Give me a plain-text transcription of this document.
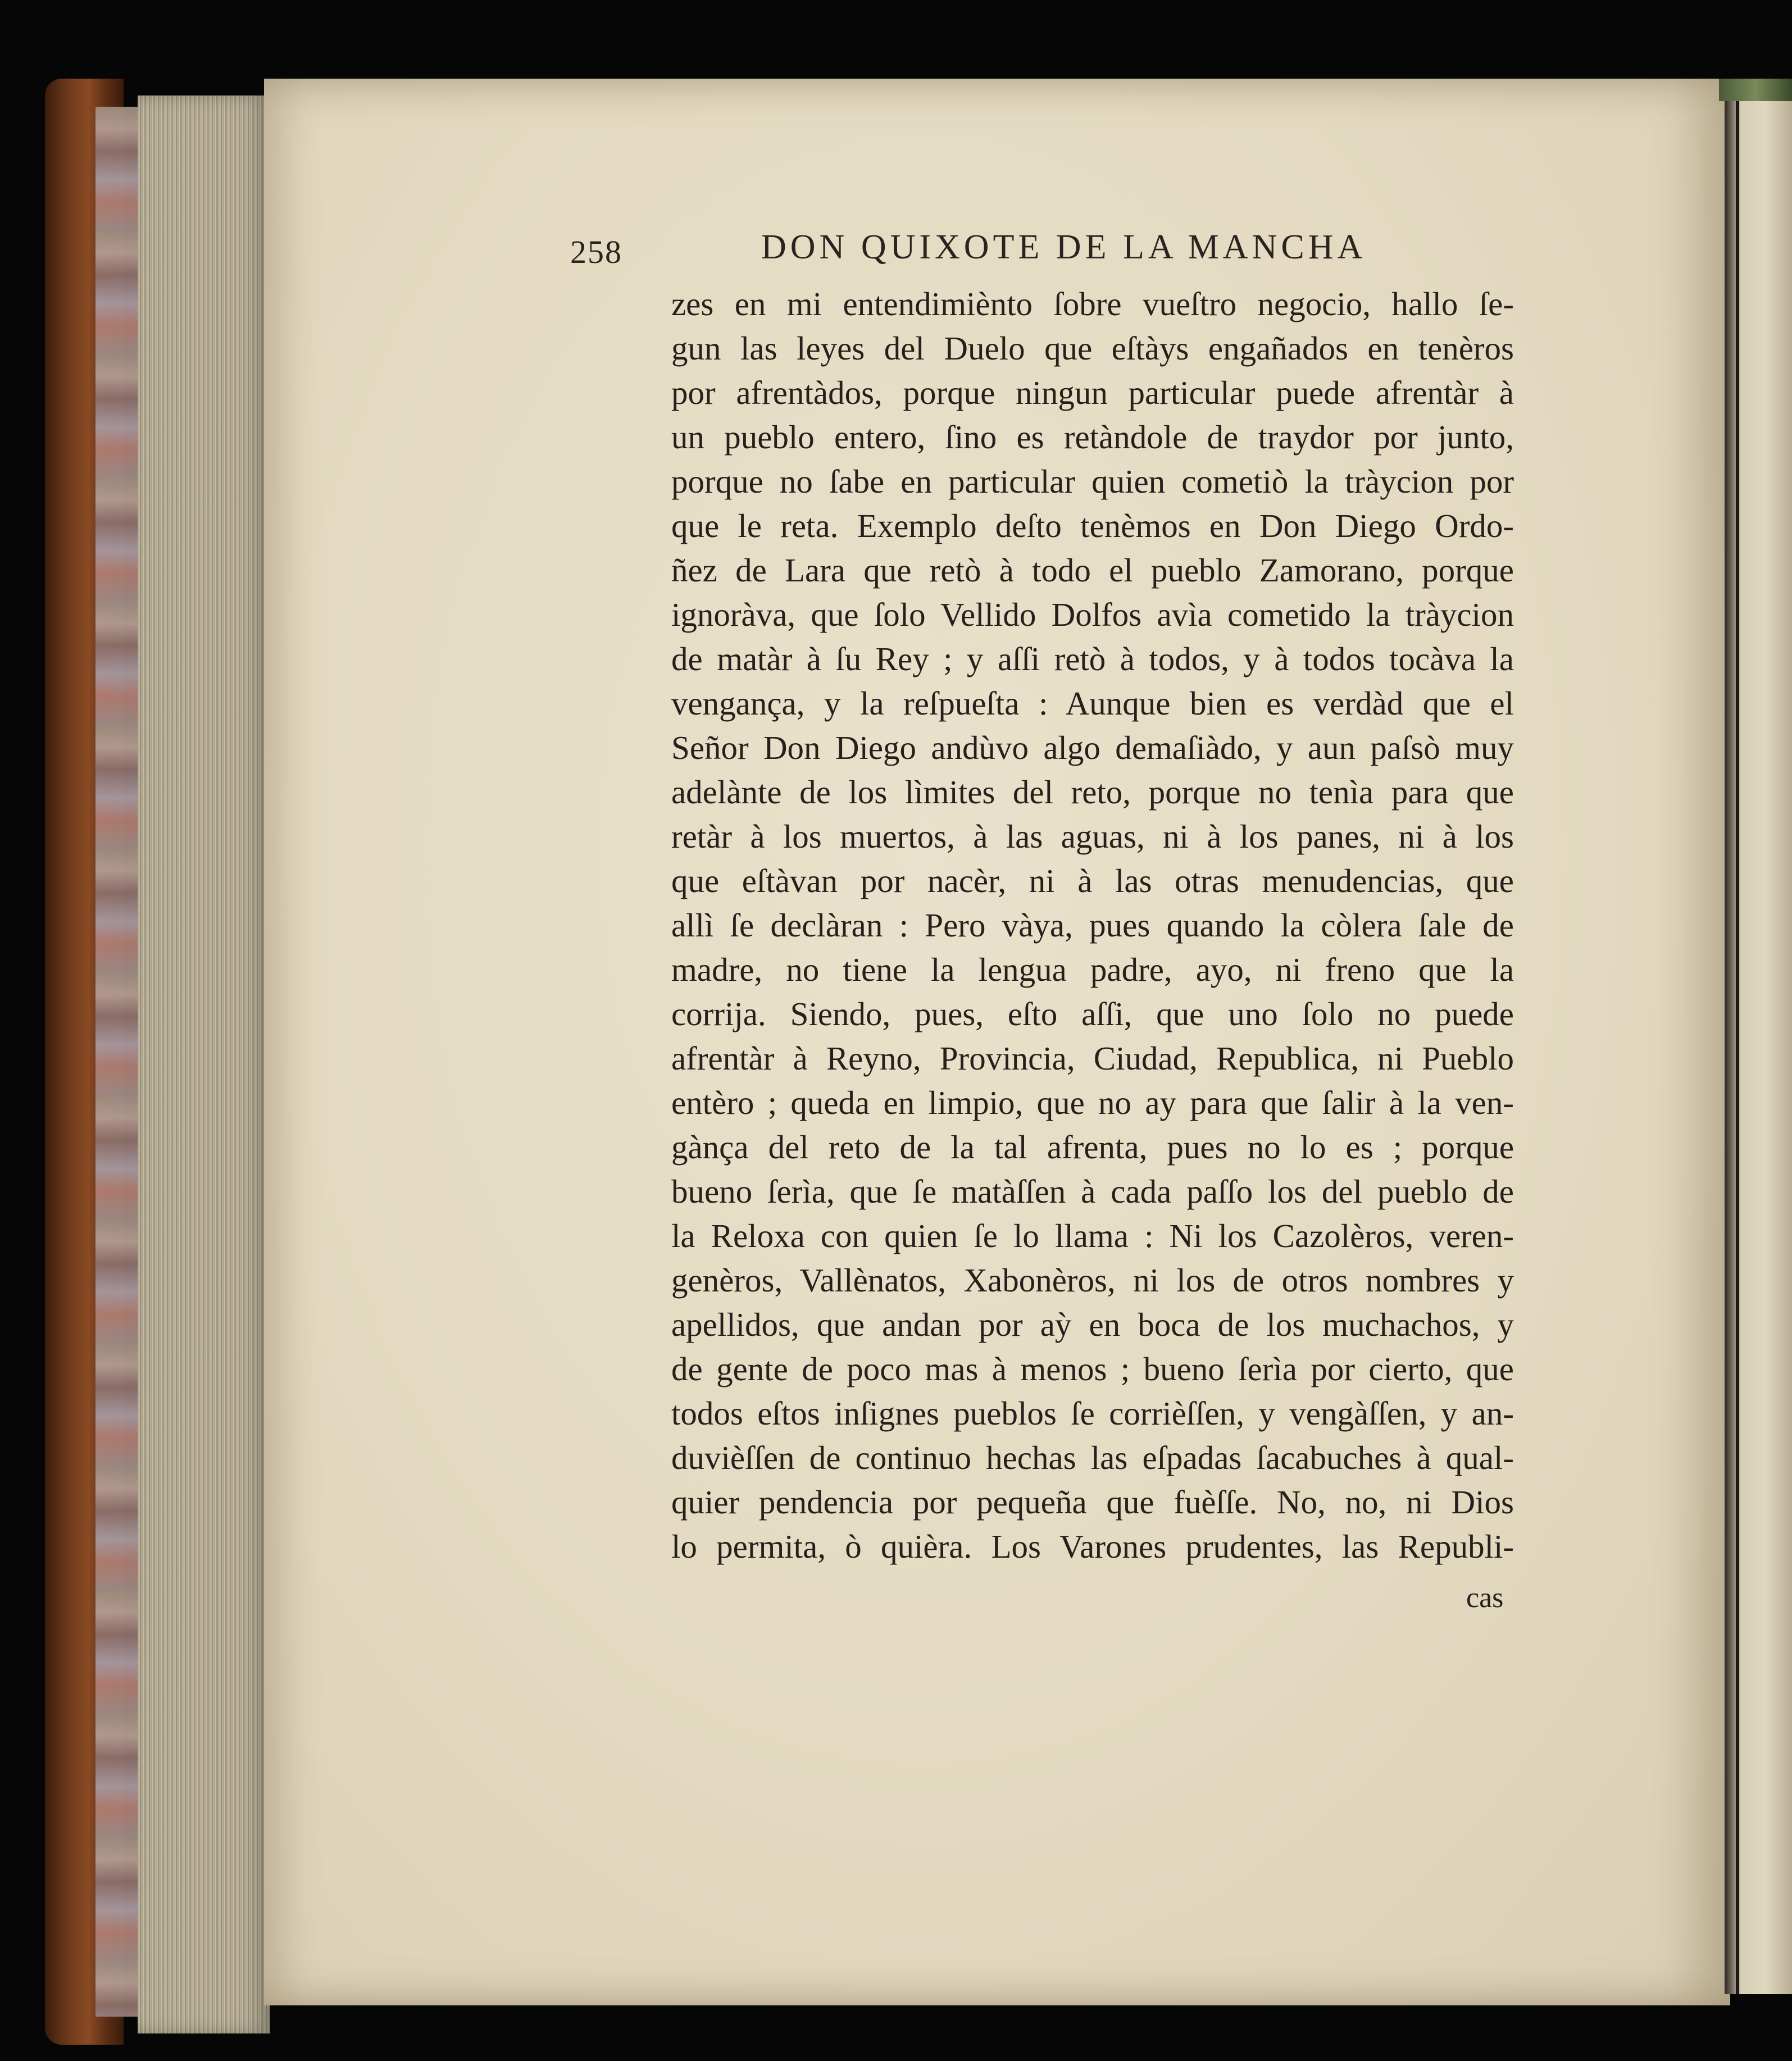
258	DON QUIXOTE DE LA MANCHA
zes en mi entendimiènto ſobre vueſtro negocio, hallo ſe-
gun las leyes del Duelo que eſtàys engañados en tenèros
por afrentàdos, porque ningun particular puede afrentàr à
un pueblo entero, ſino es retàndole de traydor por junto,
porque no ſabe en particular quien cometiò la tràycion por
que le reta. Exemplo deſto tenèmos en Don Diego Ordo-
ñez de Lara que retò à todo el pueblo Zamorano, porque
ignoràva, que ſolo Vellido Dolfos avìa cometido la tràycion
de matàr à ſu Rey ; y aſſi retò à todos, y à todos tocàva la
vengança, y la reſpueſta : Aunque bien es verdàd que el
Señor Don Diego andùvo algo demaſiàdo, y aun paſsò muy
adelànte de los lìmites del reto, porque no tenìa para que
retàr à los muertos, à las aguas, ni à los panes, ni à los
que eſtàvan por nacèr, ni à las otras menudencias, que
allì ſe declàran : Pero vàya, pues quando la còlera ſale de
madre, no tiene la lengua padre, ayo, ni freno que la
corrija. Siendo, pues, eſto aſſi, que uno ſolo no puede
afrentàr à Reyno, Provincia, Ciudad, Republica, ni Pueblo
entèro ; queda en limpio, que no ay para que ſalir à la ven-
gànça del reto de la tal afrenta, pues no lo es ; porque
bueno ſerìa, que ſe matàſſen à cada paſſo los del pueblo de
la Reloxa con quien ſe lo llama : Ni los Cazolèros, veren-
genèros, Vallènatos, Xabonèros, ni los de otros nombres y
apellidos, que andan por aỳ en boca de los muchachos, y
de gente de poco mas à menos ; bueno ſerìa por cierto, que
todos eſtos inſignes pueblos ſe corrièſſen, y vengàſſen, y an-
duvièſſen de continuo hechas las eſpadas ſacabuches à qual-
quier pendencia por pequeña que fuèſſe. No, no, ni Dios
lo permita, ò quièra. Los Varones prudentes, las Republi-
cas
